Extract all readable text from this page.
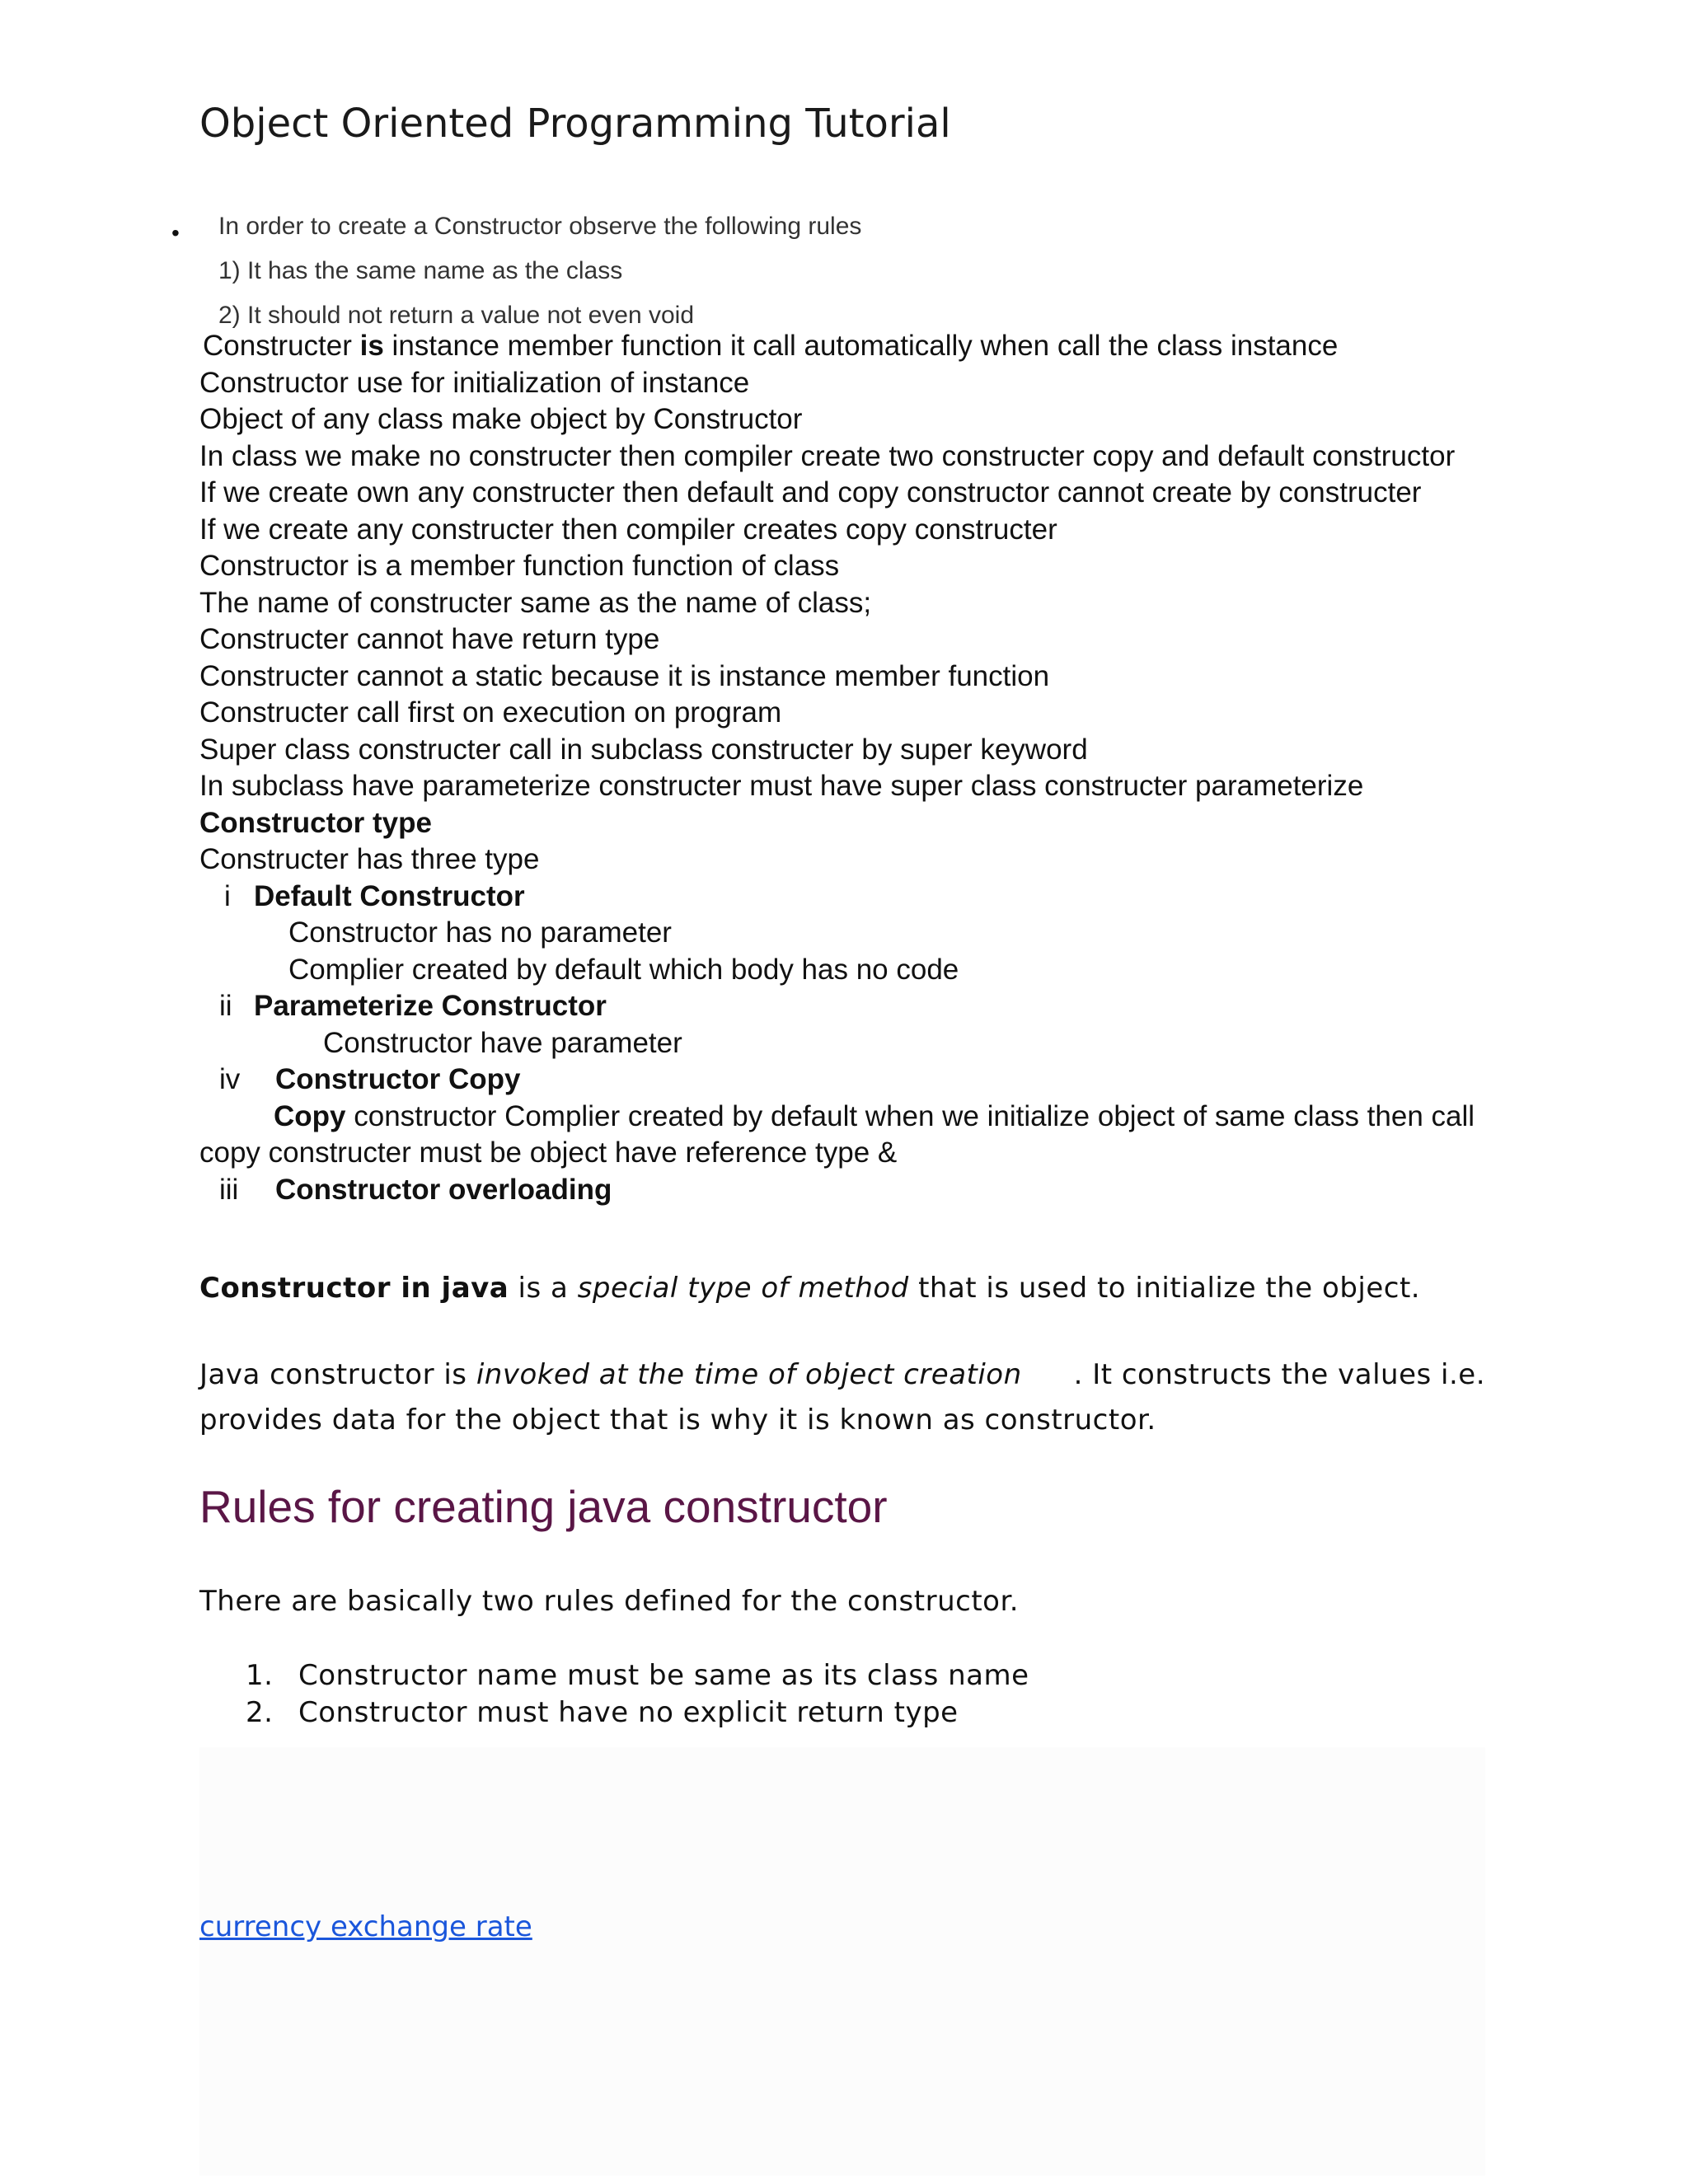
Object Oriented Programming Tutorial
• In order to create a Constructor observe the following rules
1) It has the same name as the class
2) It should not return a value not even void
Constructer is instance member function it call automatically when call the class instance
Constructor use for initialization of instance
Object of any class make object by Constructor
In class we make no constructer then compiler create two constructer copy and default constructor
If we create own any constructer then default and copy constructor cannot create by constructer
If we create any constructer then compiler creates copy constructer
Constructor is a member function function of class
The name of constructer same as the name of class;
Constructer cannot have return type
Constructer cannot a static because it is instance member function
Constructer call first on execution on program
Super class constructer call in subclass constructer by super keyword
In subclass have parameterize constructer must have super class constructer parameterize
Constructor type
Constructer has three type
i Default Constructor
Constructor has no parameter
Complier created by default which body has no code
ii Parameterize Constructor
Constructor have parameter
iv Constructor Copy
Copy constructor Complier created by default when we initialize object of same class then call
copy constructer must be object have reference type &
iii Constructor overloading
Constructor in java is a special type of method that is used to initialize the object.
Java constructor is invoked at the time of object creation . It constructs the values i.e.
provides data for the object that is why it is known as constructor.
Rules for creating java constructor
There are basically two rules defined for the constructor.
1. Constructor name must be same as its class name
2. Constructor must have no explicit return type
currency exchange rate
